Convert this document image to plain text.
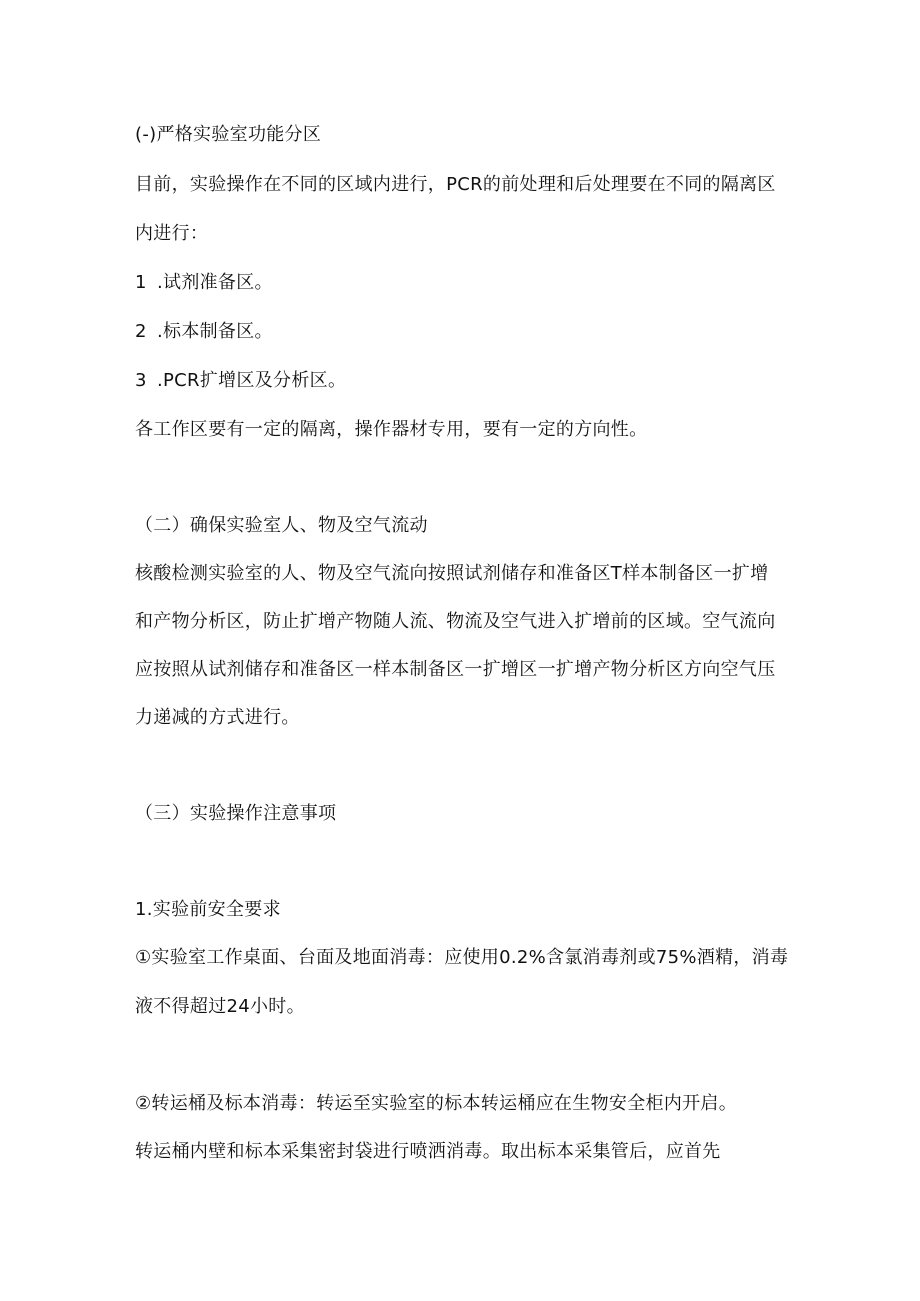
(-)严格实验室功能分区
目前，实验操作在不同的区域内进行，PCR的前处理和后处理要在不同的隔离区
内进行：
1 .试剂准备区。
2 .标本制备区。
3 .PCR扩增区及分析区。
各工作区要有一定的隔离，操作器材专用，要有一定的方向性。
（二）确保实验室人、物及空气流动
核酸检测实验室的人、物及空气流向按照试剂储存和准备区T样本制备区一扩增
和产物分析区，防止扩增产物随人流、物流及空气进入扩增前的区域。空气流向
应按照从试剂储存和准备区一样本制备区一扩增区一扩增产物分析区方向空气压
力递减的方式进行。
（三）实验操作注意事项
1.实验前安全要求
①实验室工作桌面、台面及地面消毒：应使用0.2%含氯消毒剂或75%酒精，消毒
液不得超过24小时。
②转运桶及标本消毒：转运至实验室的标本转运桶应在生物安全柜内开启。
转运桶内壁和标本采集密封袋进行喷洒消毒。取出标本采集管后，应首先
